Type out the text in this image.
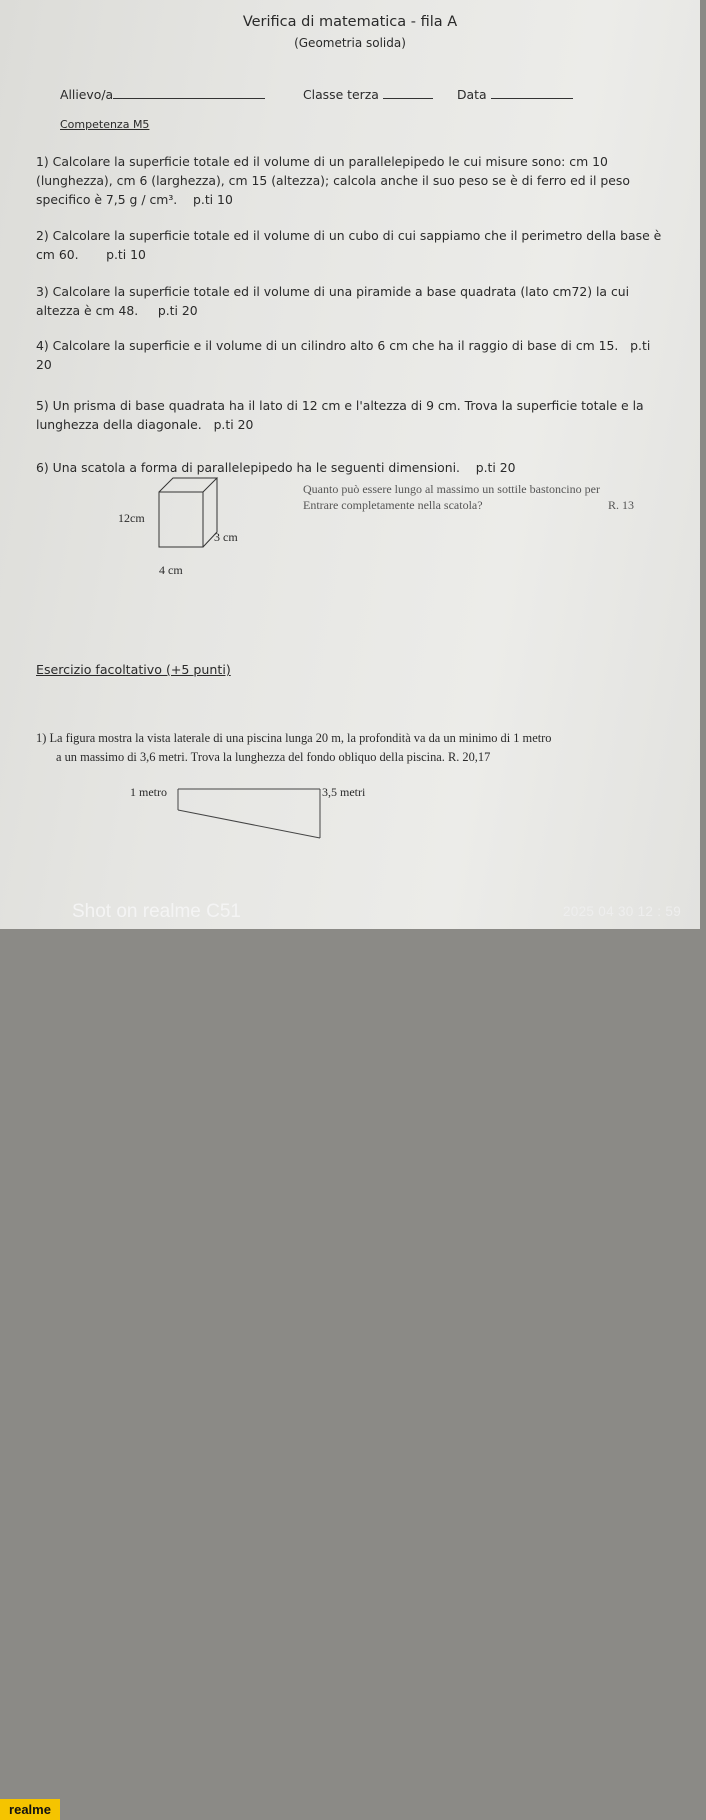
Verifica di matematica - fila A
(Geometria solida)
Allievo/a	Classe terza	Data
Competenza M5
1) Calcolare la superficie totale ed il volume di un parallelepipedo le cui misure sono: cm 10 (lunghezza), cm 6 (larghezza), cm 15 (altezza); calcola anche il suo peso se è di ferro ed il peso specifico è 7,5 g / cm³. p.ti 10
2) Calcolare la superficie totale ed il volume di un cubo di cui sappiamo che il perimetro della base è cm 60. p.ti 10
3) Calcolare la superficie totale ed il volume di una piramide a base quadrata (lato cm72) la cui altezza è cm 48. p.ti 20
4) Calcolare la superficie e il volume di un cilindro alto 6 cm che ha il raggio di base di cm 15. p.ti 20
5) Un prisma di base quadrata ha il lato di 12 cm e l'altezza di 9 cm. Trova la superficie totale e la lunghezza della diagonale. p.ti 20
6) Una scatola a forma di parallelepipedo ha le seguenti dimensioni. p.ti 20
12cm
3 cm
4 cm
Quanto può essere lungo al massimo un sottile bastoncino per
Entrare completamente nella scatola?	R. 13
Esercizio facoltativo (+5 punti)
1) La figura mostra la vista laterale di una piscina lunga 20 m, la profondità va da un minimo di 1 metro
a un massimo di 3,6 metri. Trova la lunghezza del fondo obliquo della piscina. R. 20,17
1 metro	3,5 metri
realme
Shot on realme C51	2025 04 30 12 : 59
